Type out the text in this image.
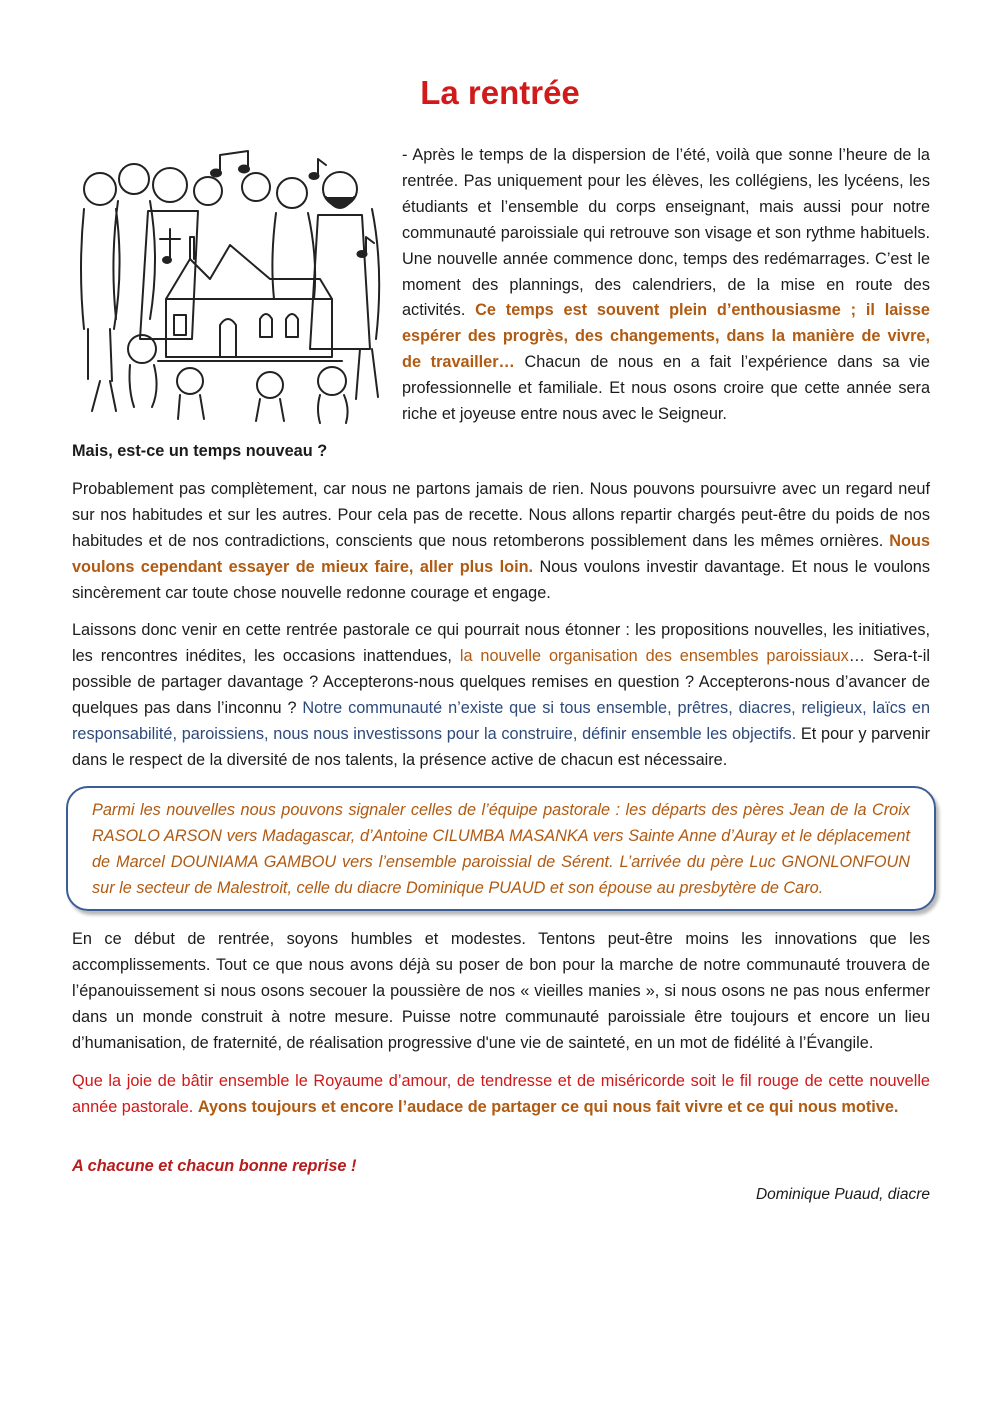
La rentrée

- Après le temps de la dispersion de l’été, voilà que sonne l’heure de la rentrée. Pas uniquement pour les élèves, les collégiens, les lycéens, les étudiants et l’ensemble du corps enseignant, mais aussi pour notre communauté paroissiale qui retrouve son visage et son rythme habituels. Une nouvelle année commence donc, temps des redémarrages. C’est le moment des plannings, des calendriers, de la mise en route des activités. Ce temps est souvent plein d’enthousiasme ; il laisse espérer des progrès, des changements, dans la manière de vivre, de travailler… Chacun de nous en a fait l’expérience dans sa vie professionnelle et familiale. Et nous osons croire que cette année sera riche et joyeuse entre nous avec le Seigneur.

Mais, est-ce un temps nouveau ?

Probablement pas complètement, car nous ne partons jamais de rien. Nous pouvons poursuivre avec un regard neuf sur nos habitudes et sur les autres. Pour cela pas de recette. Nous allons repartir chargés peut-être du poids de nos habitudes et de nos contradictions, conscients que nous retomberons possiblement dans les mêmes ornières. Nous voulons cependant essayer de mieux faire, aller plus loin. Nous voulons investir davantage. Et nous le voulons sincèrement car toute chose nouvelle redonne courage et engage.

Laissons donc venir en cette rentrée pastorale ce qui pourrait nous étonner : les propositions nouvelles, les initiatives, les rencontres inédites, les occasions inattendues, la nouvelle organisation des ensembles paroissiaux… Sera-t-il possible de partager davantage ? Accepterons-nous quelques remises en question ? Accepterons-nous d’avancer de quelques pas dans l’inconnu ? Notre communauté n’existe que si tous ensemble, prêtres, diacres, religieux, laïcs en responsabilité, paroissiens, nous nous investissons pour la construire, définir ensemble les objectifs. Et pour y parvenir dans le respect de la diversité de nos talents, la présence active de chacun est nécessaire.

Parmi les nouvelles nous pouvons signaler celles de l’équipe pastorale : les départs des pères Jean de la Croix RASOLO ARSON vers Madagascar, d’Antoine CILUMBA MASANKA vers Sainte Anne d’Auray et le déplacement de Marcel DOUNIAMA GAMBOU vers l’ensemble paroissial de Sérent. L’arrivée du père Luc GNONLONFOUN sur le secteur de Malestroit, celle du diacre Dominique PUAUD et son épouse au presbytère de Caro.

En ce début de rentrée, soyons humbles et modestes. Tentons peut-être moins les innovations que les accomplissements. Tout ce que nous avons déjà su poser de bon pour la marche de notre communauté trouvera de l’épanouissement si nous osons secouer la poussière de nos « vieilles manies », si nous osons ne pas nous enfermer dans un monde construit à notre mesure. Puisse notre communauté paroissiale être toujours et encore un lieu d’humanisation, de fraternité, de réalisation progressive d'une vie de sainteté, en un mot de fidélité à l’Évangile.

Que la joie de bâtir ensemble le Royaume d’amour, de tendresse et de miséricorde soit le fil rouge de cette nouvelle année pastorale. Ayons toujours et encore l’audace de partager ce qui nous fait vivre et ce qui nous motive.

A chacune et chacun bonne reprise !

Dominique Puaud, diacre
